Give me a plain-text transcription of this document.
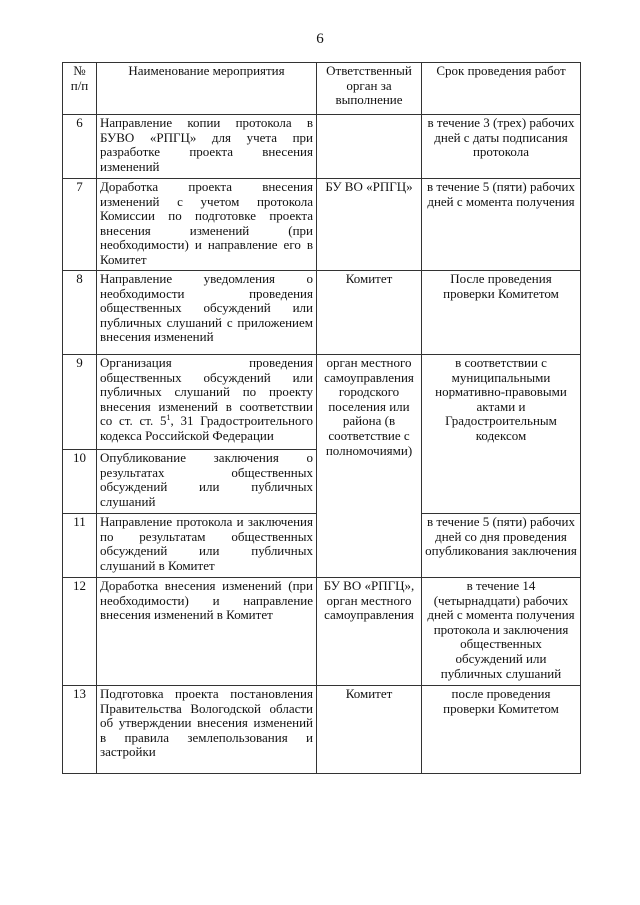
6
№
п/п	Наименование мероприятия	Ответственный орган за выполнение	Срок проведения работ
6	Направление копии протокола в БУВО «РПГЦ» для учета при разработке проекта внесения изменений		в течение 3 (трех) рабочих дней с даты подписания протокола
7	Доработка проекта внесения изменений с учетом протокола Комиссии по подготовке проекта внесения изменений (при необходимости) и направление его в Комитет	БУ ВО «РПГЦ»	в течение 5 (пяти) рабочих дней с момента получения
8	Направление уведомления о необходимости проведения общественных обсуждений или публичных слушаний с приложением внесения изменений	Комитет	После проведения проверки Комитетом
9	Организация проведения общественных обсуждений или публичных слушаний по проекту внесения изменений в соответствии со ст. ст. $5^1$, 31 Градостроительного кодекса Российской Федерации	орган местного самоуправления городского поселения или района (в соответствие с полномочиями)	в соответствии с муниципальными нормативно-правовыми актами и Градостроительным кодексом
10	Опубликование заключения о результатах общественных обсуждений или публичных слушаний		
11	Направление протокола и заключения по результатам общественных обсуждений или публичных слушаний в Комитет		в течение 5 (пяти) рабочих дней со дня проведения опубликования заключения
12	Доработка внесения изменений (при необходимости) и направление внесения изменений в Комитет	БУ ВО «РПГЦ», орган местного самоуправления	в течение 14 (четырнадцати) рабочих дней с момента получения протокола и заключения общественных обсуждений или публичных слушаний
13	Подготовка проекта постановления Правительства Вологодской области об утверждении внесения изменений в правила землепользования и застройки	Комитет	после проведения проверки Комитетом
